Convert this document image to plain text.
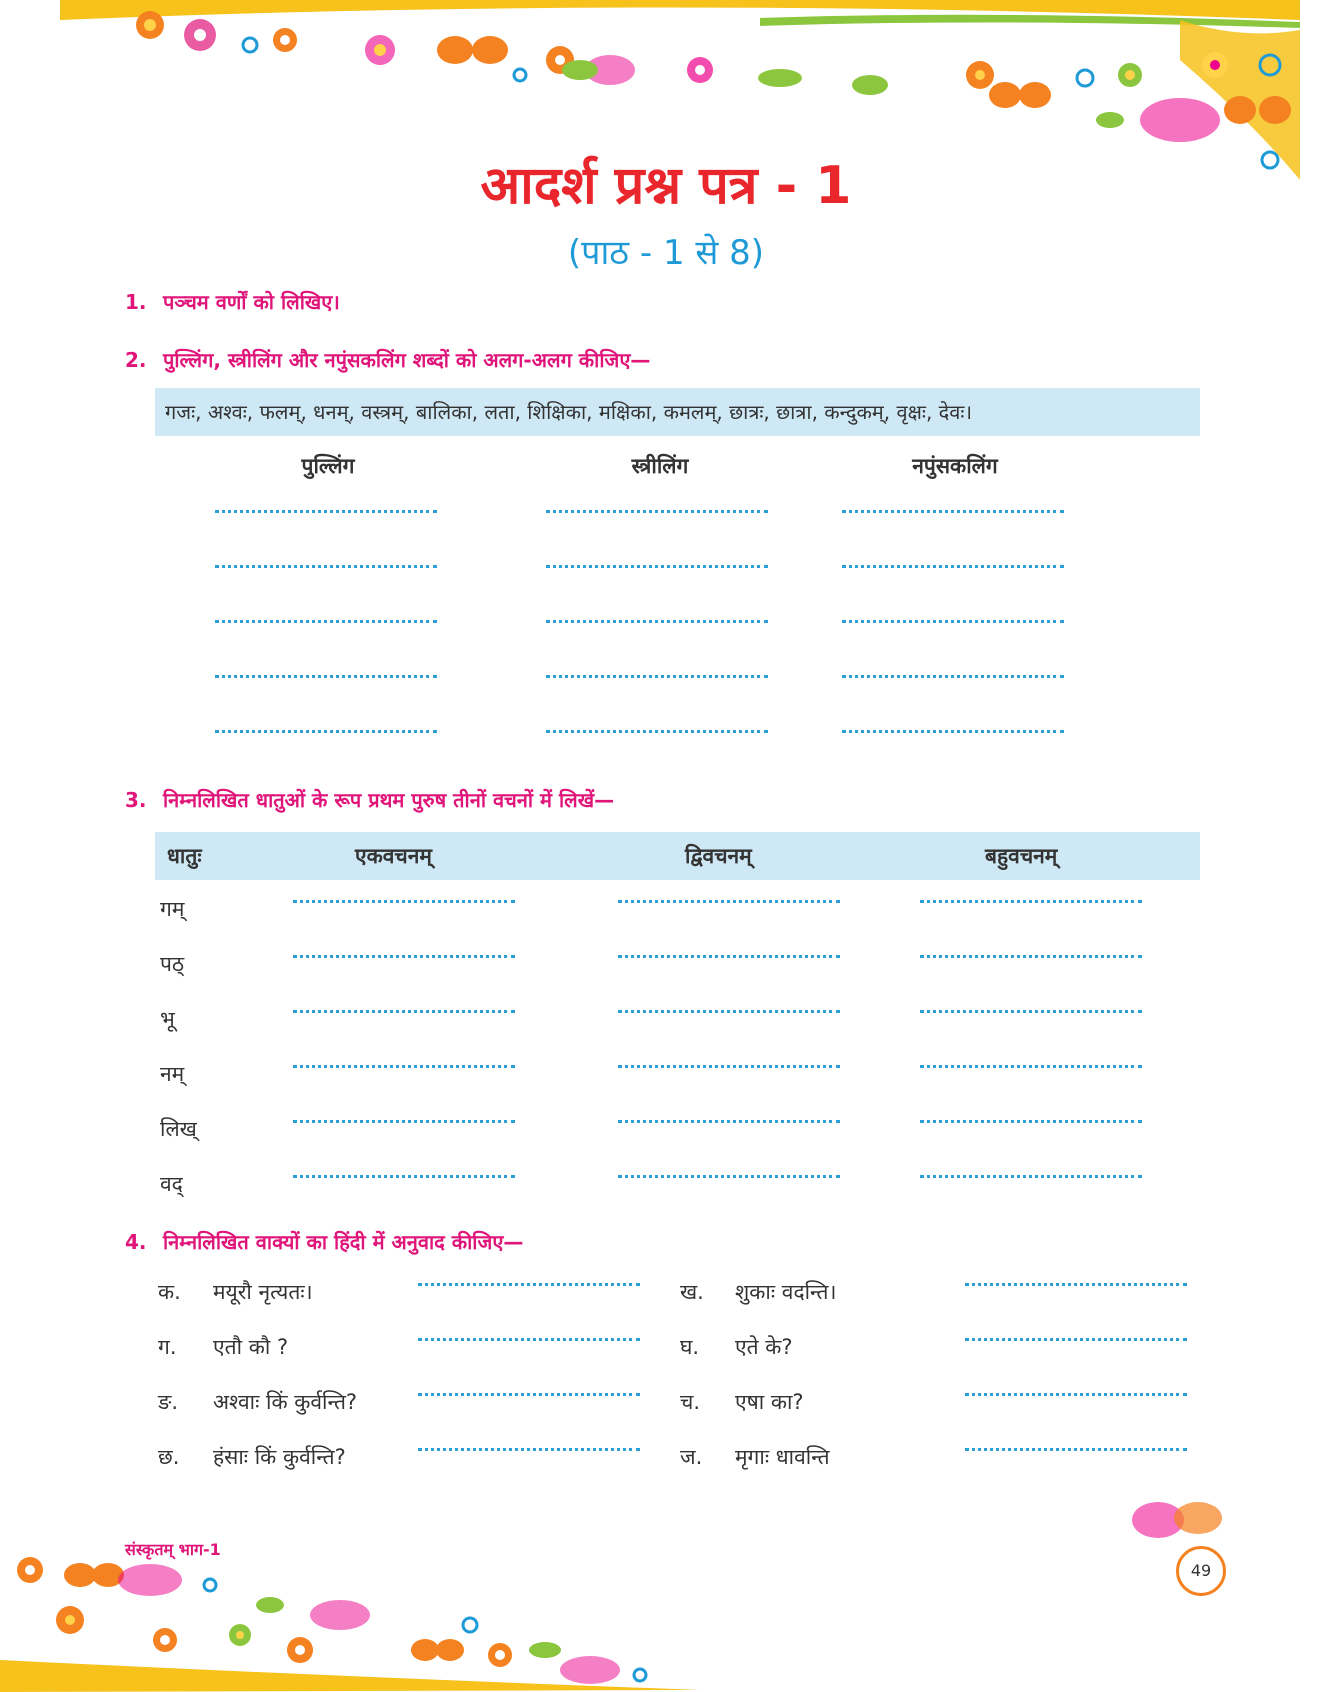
आदर्श प्रश्न पत्र - 1
(पाठ - 1 से 8)
1. पञ्चम वर्णों को लिखिए।
2. पुल्लिंग, स्त्रीलिंग और नपुंसकलिंग शब्दों को अलग-अलग कीजिए—
गजः, अश्वः, फलम्, धनम्, वस्त्रम्, बालिका, लता, शिक्षिका, मक्षिका, कमलम्, छात्रः, छात्रा, कन्दुकम्, वृक्षः, देवः।
पुल्लिंग	स्त्रीलिंग	नपुंसकलिंग
3. निम्नलिखित धातुओं के रूप प्रथम पुरुष तीनों वचनों में लिखें—
धातुः	एकवचनम्	द्विवचनम्	बहुवचनम्
गम्
पठ्
भू
नम्
लिख्
वद्
4. निम्नलिखित वाक्यों का हिंदी में अनुवाद कीजिए—
क. मयूरौ नृत्यतः।	ख. शुकाः वदन्ति।
ग. एतौ कौ ?	घ. एते के?
ङ. अश्वाः किं कुर्वन्ति?	च. एषा का?
छ. हंसाः किं कुर्वन्ति?	ज. मृगाः धावन्ति
संस्कृतम् भाग-1
49
